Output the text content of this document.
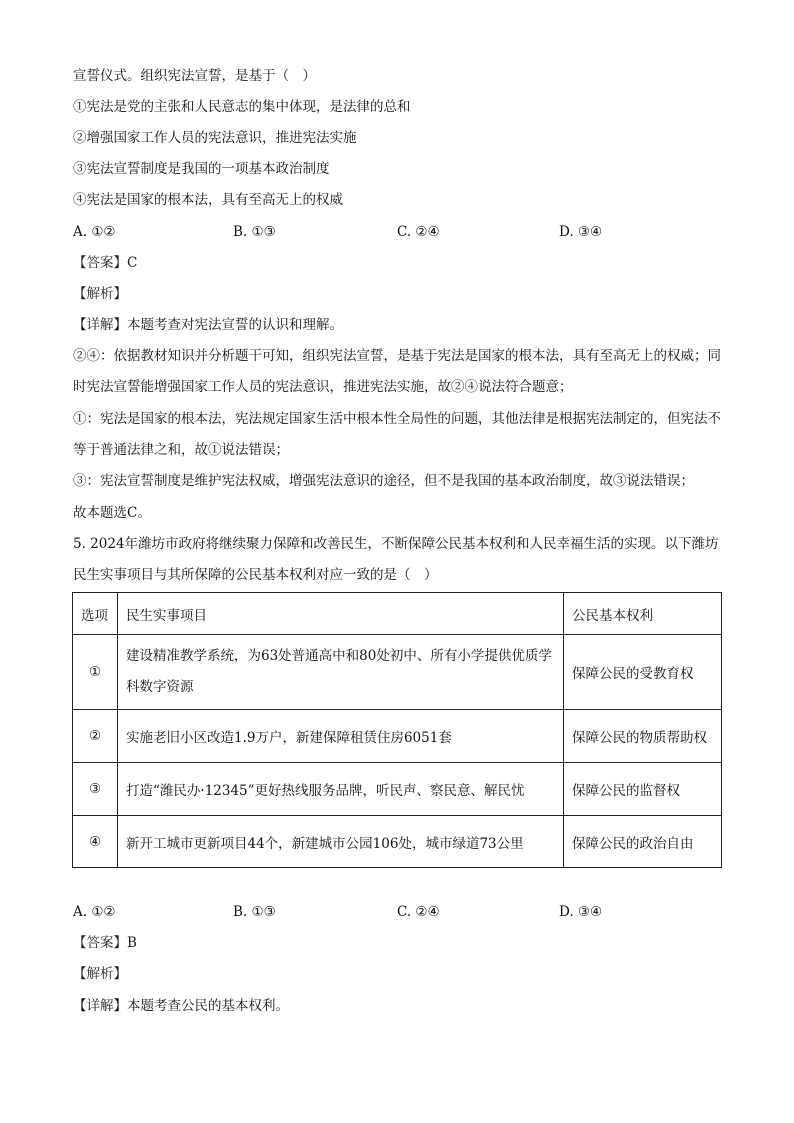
宣誓仪式。组织宪法宣誓，是基于（　）
①宪法是党的主张和人民意志的集中体现，是法律的总和
②增强国家工作人员的宪法意识，推进宪法实施
③宪法宣誓制度是我国的一项基本政治制度
④宪法是国家的根本法，具有至高无上的权威
A. ①②	B. ①③	C. ②④	D. ③④
【答案】C
【解析】
【详解】本题考查对宪法宣誓的认识和理解。
②④：依据教材知识并分析题干可知，组织宪法宣誓，是基于宪法是国家的根本法，具有至高无上的权威；同时宪法宣誓能增强国家工作人员的宪法意识，推进宪法实施，故②④说法符合题意；
①：宪法是国家的根本法，宪法规定国家生活中根本性全局性的问题，其他法律是根据宪法制定的，但宪法不等于普通法律之和，故①说法错误；
③：宪法宣誓制度是维护宪法权威，增强宪法意识的途径，但不是我国的基本政治制度，故③说法错误；
故本题选C。
5. 2024年潍坊市政府将继续聚力保障和改善民生，不断保障公民基本权利和人民幸福生活的实现。以下潍坊民生实事项目与其所保障的公民基本权利对应一致的是（　）
选项	民生实事项目	公民基本权利
①	建设精准教学系统，为63处普通高中和80处初中、所有小学提供优质学科数字资源	保障公民的受教育权
②	实施老旧小区改造1.9万户，新建保障租赁住房6051套	保障公民的物质帮助权
③	打造“潍民办·12345”更好热线服务品牌，听民声、察民意、解民忧	保障公民的监督权
④	新开工城市更新项目44个，新建城市公园106处，城市绿道73公里	保障公民的政治自由
A. ①②	B. ①③	C. ②④	D. ③④
【答案】B
【解析】
【详解】本题考查公民的基本权利。
